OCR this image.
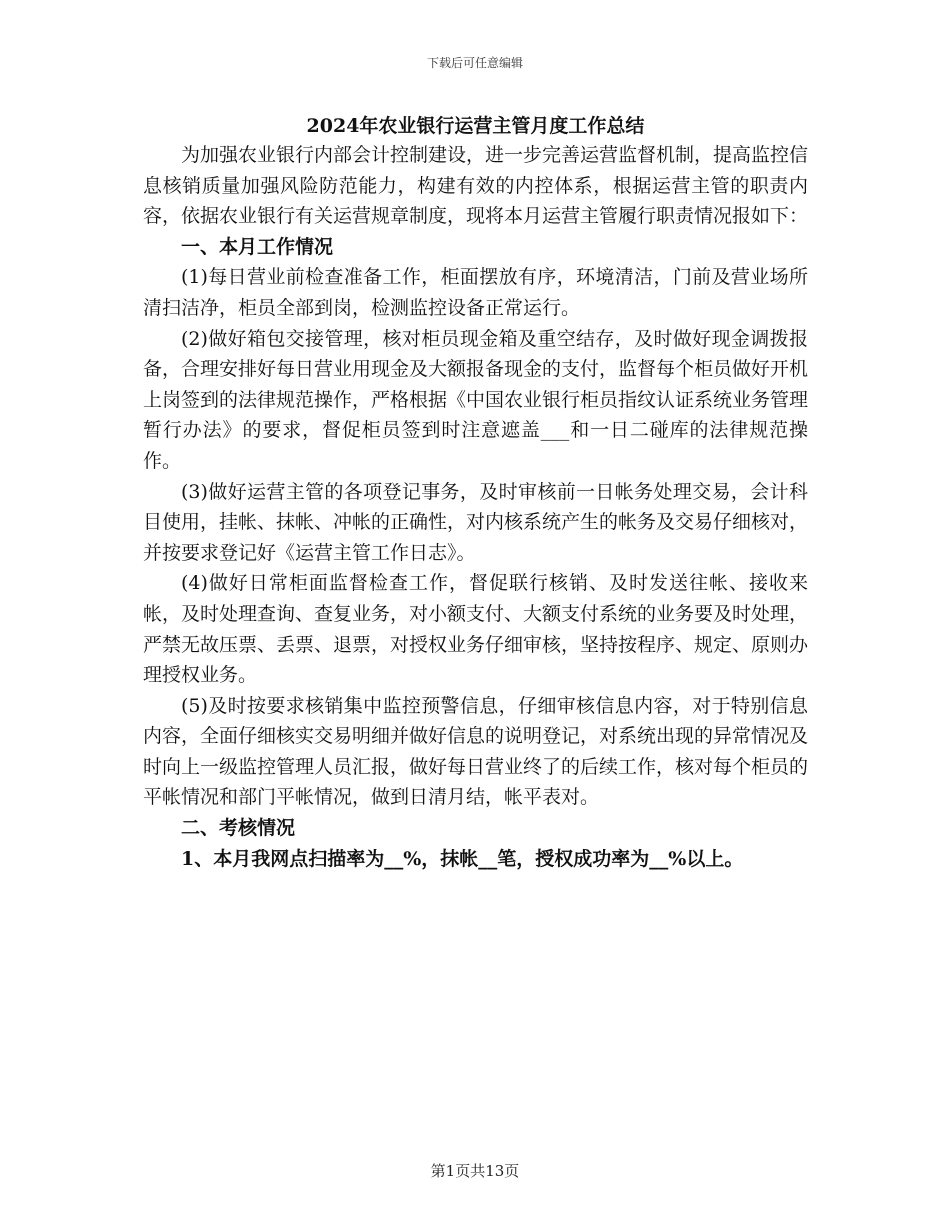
下载后可任意编辑
2024年农业银行运营主管月度工作总结

为加强农业银行内部会计控制建设，进一步完善运营监督机制，提高监控信息核销质量加强风险防范能力，构建有效的内控体系，根据运营主管的职责内容，依据农业银行有关运营规章制度，现将本月运营主管履行职责情况报如下：

一、本月工作情况

(1)每日营业前检查准备工作，柜面摆放有序，环境清洁，门前及营业场所清扫洁净，柜员全部到岗，检测监控设备正常运行。

(2)做好箱包交接管理，核对柜员现金箱及重空结存，及时做好现金调拨报备，合理安排好每日营业用现金及大额报备现金的支付，监督每个柜员做好开机上岗签到的法律规范操作，严格根据《中国农业银行柜员指纹认证系统业务管理暂行办法》的要求，督促柜员签到时注意遮盖___和一日二碰库的法律规范操作。

(3)做好运营主管的各项登记事务，及时审核前一日帐务处理交易，会计科目使用，挂帐、抹帐、冲帐的正确性，对内核系统产生的帐务及交易仔细核对，并按要求登记好《运营主管工作日志》。

(4)做好日常柜面监督检查工作，督促联行核销、及时发送往帐、接收来帐，及时处理查询、查复业务，对小额支付、大额支付系统的业务要及时处理，严禁无故压票、丢票、退票，对授权业务仔细审核，坚持按程序、规定、原则办理授权业务。

(5)及时按要求核销集中监控预警信息，仔细审核信息内容，对于特别信息内容，全面仔细核实交易明细并做好信息的说明登记，对系统出现的异常情况及时向上一级监控管理人员汇报，做好每日营业终了的后续工作，核对每个柜员的平帐情况和部门平帐情况，做到日清月结，帐平表对。

二、考核情况
1、本月我网点扫描率为__%，抹帐__笔，授权成功率为__%以上。
第1页共13页
